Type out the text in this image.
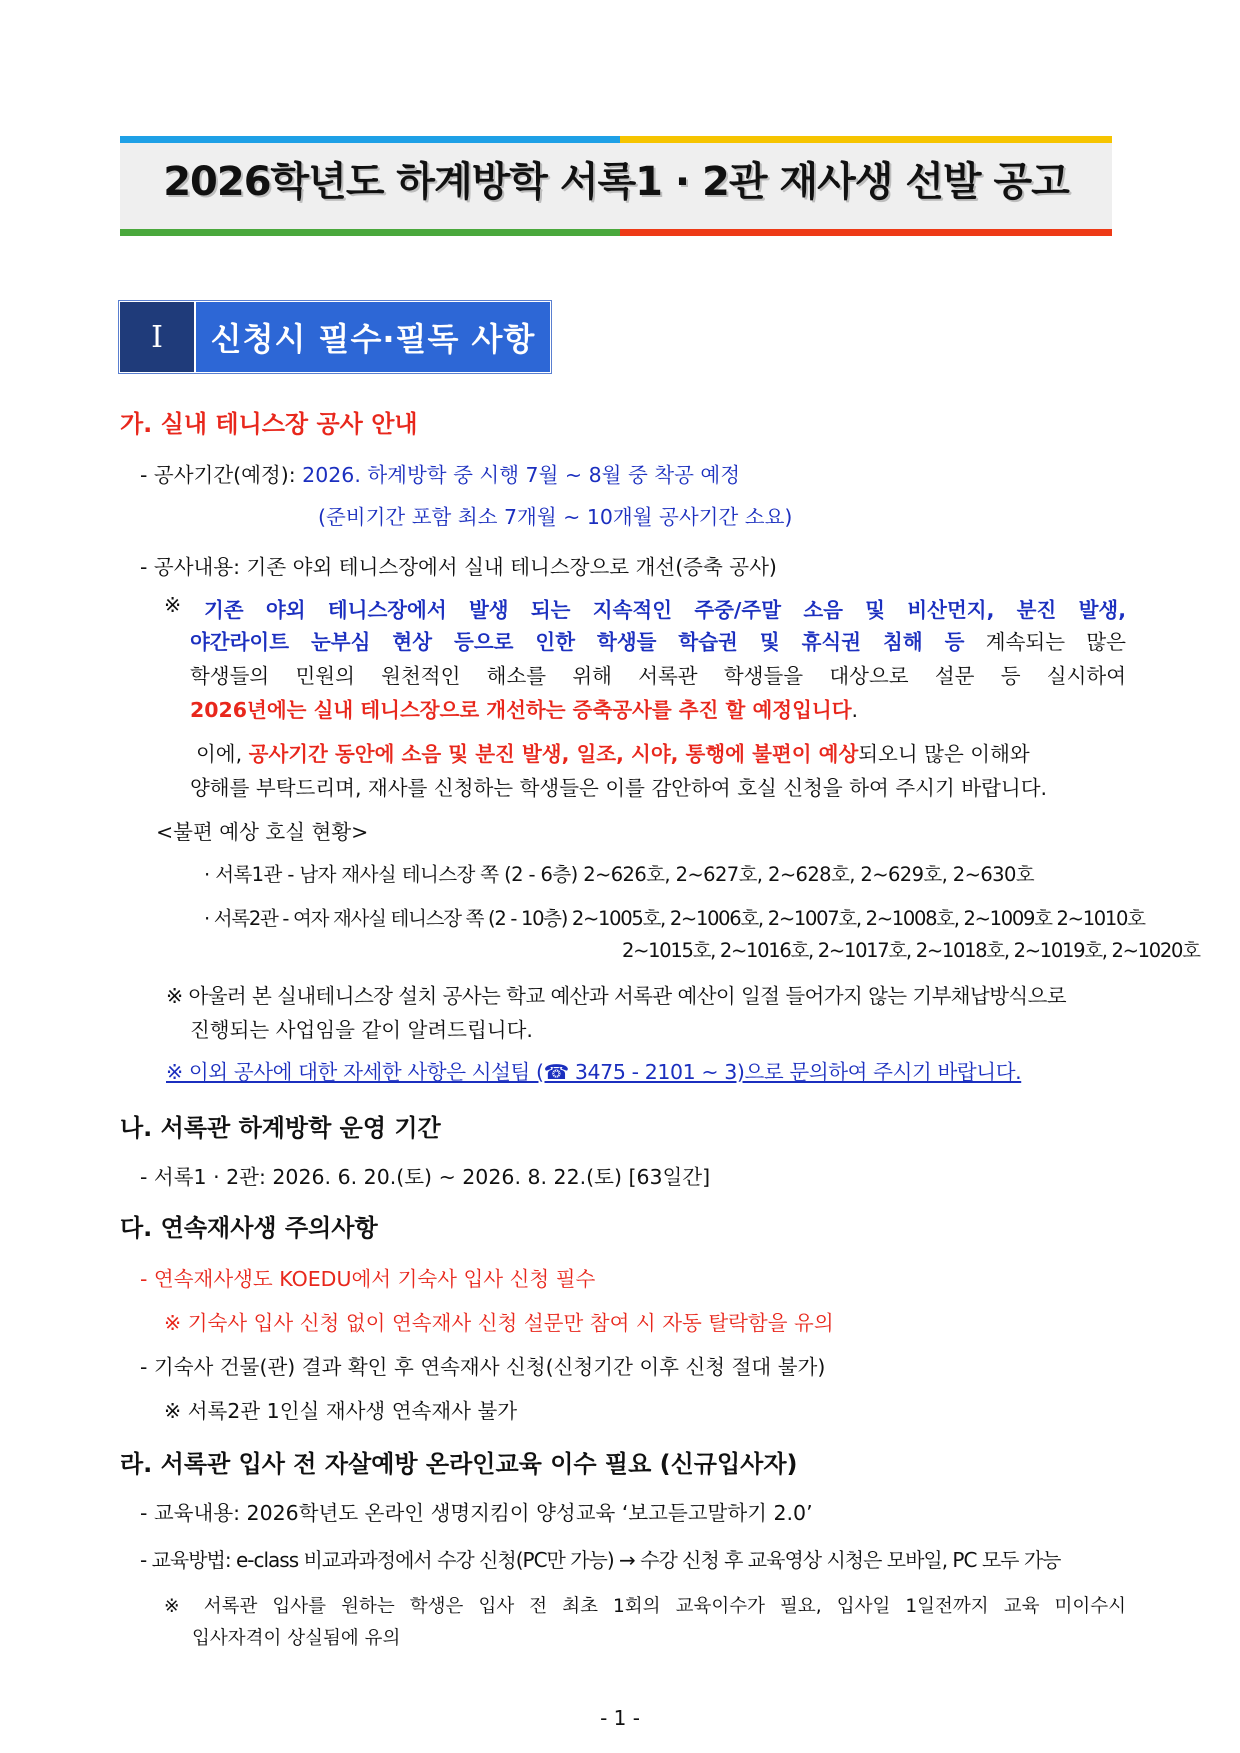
2026학년도 하계방학 서록1 · 2관 재사생 선발 공고
I	신청시 필수·필독 사항
가. 실내 테니스장 공사 안내
- 공사기간(예정): 2026. 하계방학 중 시행 7월 ~ 8월 중 착공 예정
(준비기간 포함 최소 7개월 ~ 10개월 공사기간 소요)
- 공사내용: 기존 야외 테니스장에서 실내 테니스장으로 개선(증축 공사)
※ 기존 야외 테니스장에서 발생 되는 지속적인 주중/주말 소음 및 비산먼지, 분진 발생,
야간라이트 눈부심 현상 등으로 인한 학생들 학습권 및 휴식권 침해 등 계속되는 많은
학생들의 민원의 원천적인 해소를 위해 서록관 학생들을 대상으로 설문 등 실시하여
2026년에는 실내 테니스장으로 개선하는 증축공사를 추진 할 예정입니다.
이에, 공사기간 동안에 소음 및 분진 발생, 일조, 시야, 통행에 불편이 예상되오니 많은 이해와
양해를 부탁드리며, 재사를 신청하는 학생들은 이를 감안하여 호실 신청을 하여 주시기 바랍니다.
<불편 예상 호실 현황>
· 서록1관 - 남자 재사실 테니스장 쪽 (2 - 6층) 2~626호, 2~627호, 2~628호, 2~629호, 2~630호
· 서록2관 - 여자 재사실 테니스장 쪽 (2 - 10층) 2~1005호, 2~1006호, 2~1007호, 2~1008호, 2~1009호 2~1010호
2~1015호, 2~1016호, 2~1017호, 2~1018호, 2~1019호, 2~1020호
※ 아울러 본 실내테니스장 설치 공사는 학교 예산과 서록관 예산이 일절 들어가지 않는 기부채납방식으로
진행되는 사업임을 같이 알려드립니다.
※ 이외 공사에 대한 자세한 사항은 시설팀 (☎ 3475 - 2101 ~ 3)으로 문의하여 주시기 바랍니다.
나. 서록관 하계방학 운영 기간
- 서록1 · 2관: 2026. 6. 20.(토) ~ 2026. 8. 22.(토) [63일간]
다. 연속재사생 주의사항
- 연속재사생도 KOEDU에서 기숙사 입사 신청 필수
※ 기숙사 입사 신청 없이 연속재사 신청 설문만 참여 시 자동 탈락함을 유의
- 기숙사 건물(관) 결과 확인 후 연속재사 신청(신청기간 이후 신청 절대 불가)
※ 서록2관 1인실 재사생 연속재사 불가
라. 서록관 입사 전 자살예방 온라인교육 이수 필요 (신규입사자)
- 교육내용: 2026학년도 온라인 생명지킴이 양성교육 ‘보고듣고말하기 2.0’
- 교육방법: e-class 비교과과정에서 수강 신청(PC만 가능) → 수강 신청 후 교육영상 시청은 모바일, PC 모두 가능
※ 서록관 입사를 원하는 학생은 입사 전 최초 1회의 교육이수가 필요, 입사일 1일전까지 교육 미이수시
입사자격이 상실됨에 유의
- 1 -
